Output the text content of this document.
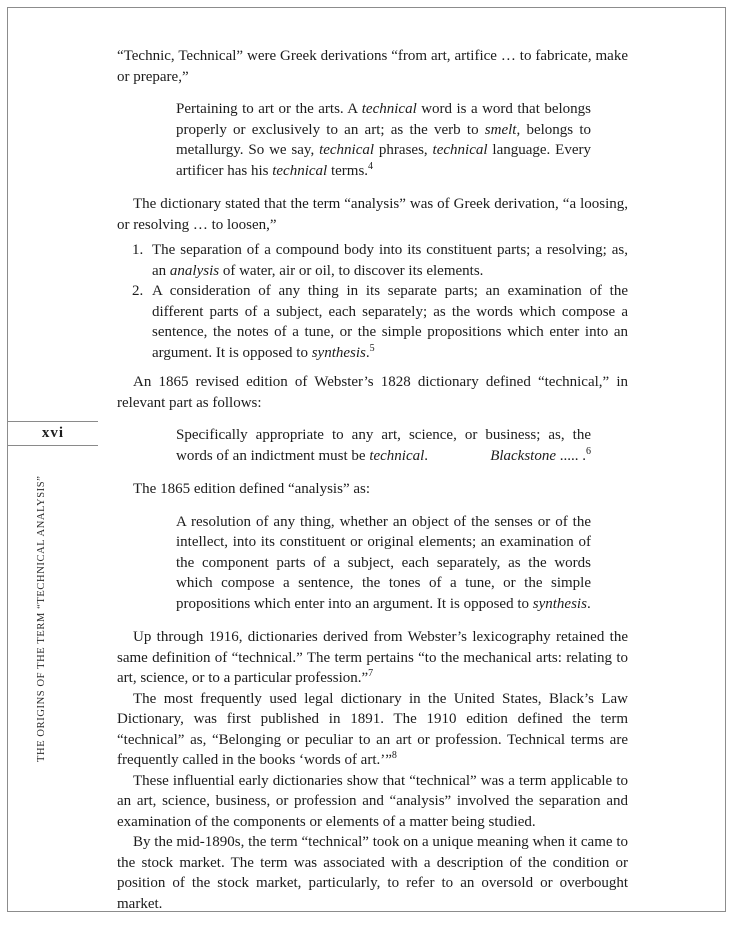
xvi
THE ORIGINS OF THE TERM “TECHNICAL ANALYSIS”

“Technic, Technical” were Greek derivations “from art, artifice … to fabricate, make or prepare,”

Pertaining to art or the arts. A technical word is a word that belongs properly or exclusively to an art; as the verb to smelt, belongs to metallurgy. So we say, technical phrases, technical language. Every artificer has his technical terms.$^4$

The dictionary stated that the term “analysis” was of Greek derivation, “a loosing, or resolving … to loosen,”

1. The separation of a compound body into its constituent parts; a resolving; as, an analysis of water, air or oil, to discover its elements.
2. A consideration of any thing in its separate parts; an examination of the different parts of a subject, each separately; as the words which compose a sentence, the notes of a tune, or the simple propositions which enter into an argument. It is opposed to synthesis.$^5$

An 1865 revised edition of Webster’s 1828 dictionary defined “technical,” in relevant part as follows:

Specifically appropriate to any art, science, or business; as, the words of an indictment must be technical.	Blackstone ..... .$^6$

The 1865 edition defined “analysis” as:

A resolution of any thing, whether an object of the senses or of the intellect, into its constituent or original elements; an examination of the component parts of a subject, each separately, as the words which compose a sentence, the tones of a tune, or the simple propositions which enter into an argument. It is opposed to synthesis.

Up through 1916, dictionaries derived from Webster’s lexicography retained the same definition of “technical.” The term pertains “to the mechanical arts: relating to art, science, or to a particular profession.”$^7$

The most frequently used legal dictionary in the United States, Black’s Law Dictionary, was first published in 1891. The 1910 edition defined the term “technical” as, “Belonging or peculiar to an art or profession. Technical terms are frequently called in the books ‘words of art.’”$^8$

These influential early dictionaries show that “technical” was a term applicable to an art, science, business, or profession and “analysis” involved the separation and examination of the components or elements of a matter being studied.

By the mid-1890s, the term “technical” took on a unique meaning when it came to the stock market. The term was associated with a description of the condition or position of the stock market, particularly, to refer to an oversold or overbought market.
